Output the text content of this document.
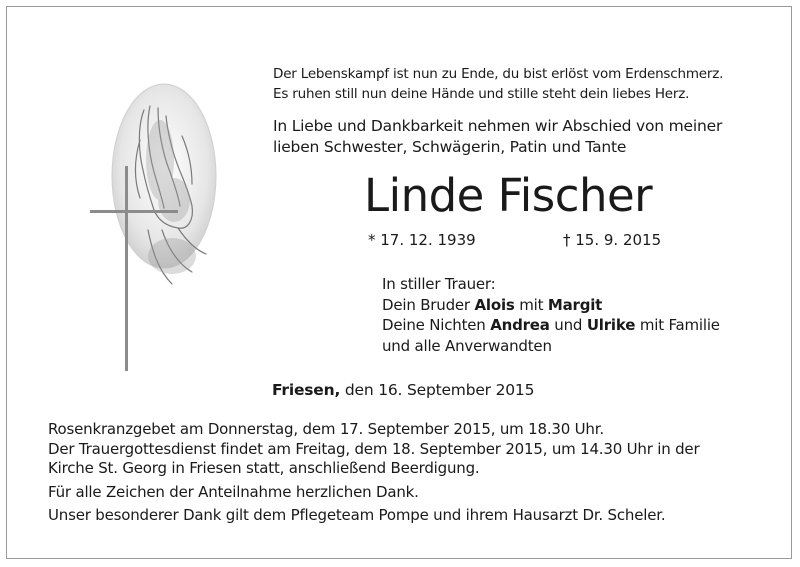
Der Lebenskampf ist nun zu Ende, du bist erlöst vom Erdenschmerz.
Es ruhen still nun deine Hände und stille steht dein liebes Herz.
In Liebe und Dankbarkeit nehmen wir Abschied von meiner
lieben Schwester, Schwägerin, Patin und Tante
Linde Fischer
* 17. 12. 1939	† 15. 9. 2015
In stiller Trauer:
Dein Bruder Alois mit Margit
Deine Nichten Andrea und Ulrike mit Familie
und alle Anverwandten
Friesen, den 16. September 2015
Rosenkranzgebet am Donnerstag, dem 17. September 2015, um 18.30 Uhr.
Der Trauergottesdienst findet am Freitag, dem 18. September 2015, um 14.30 Uhr in der
Kirche St. Georg in Friesen statt, anschließend Beerdigung.
Für alle Zeichen der Anteilnahme herzlichen Dank.
Unser besonderer Dank gilt dem Pflegeteam Pompe und ihrem Hausarzt Dr. Scheler.
